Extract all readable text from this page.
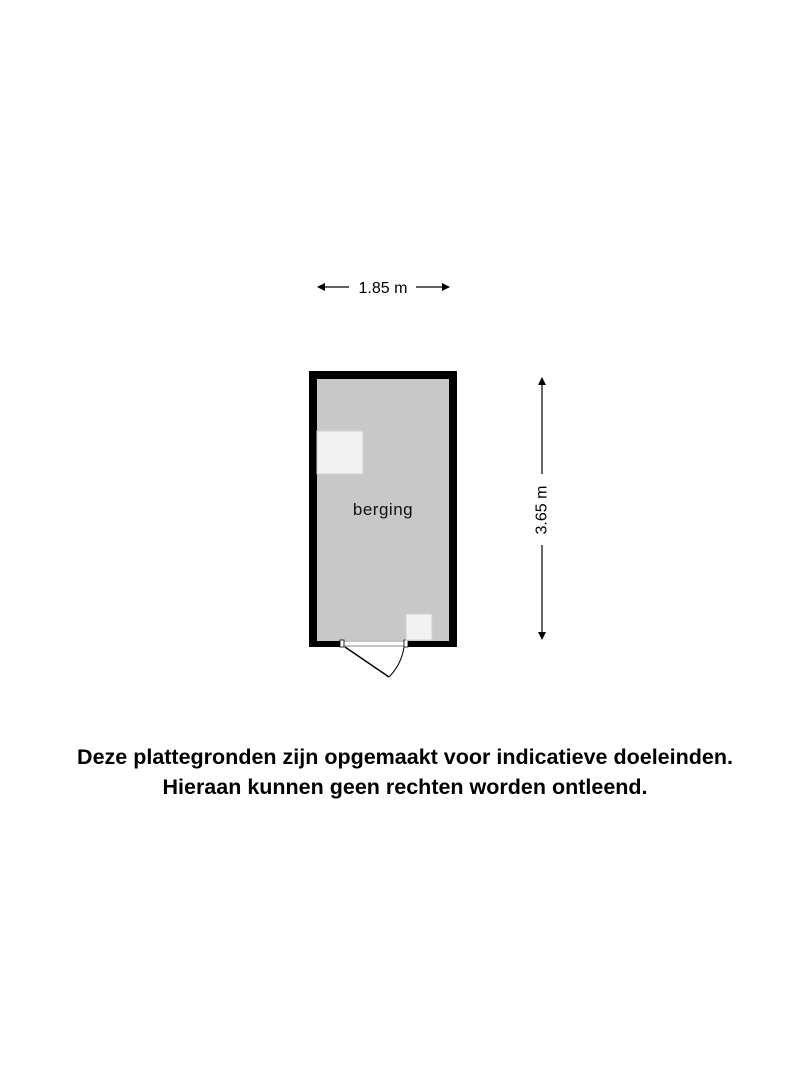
1.85 m
3.65 m
berging
Deze plattegronden zijn opgemaakt voor indicatieve doeleinden.
Hieraan kunnen geen rechten worden ontleend.
